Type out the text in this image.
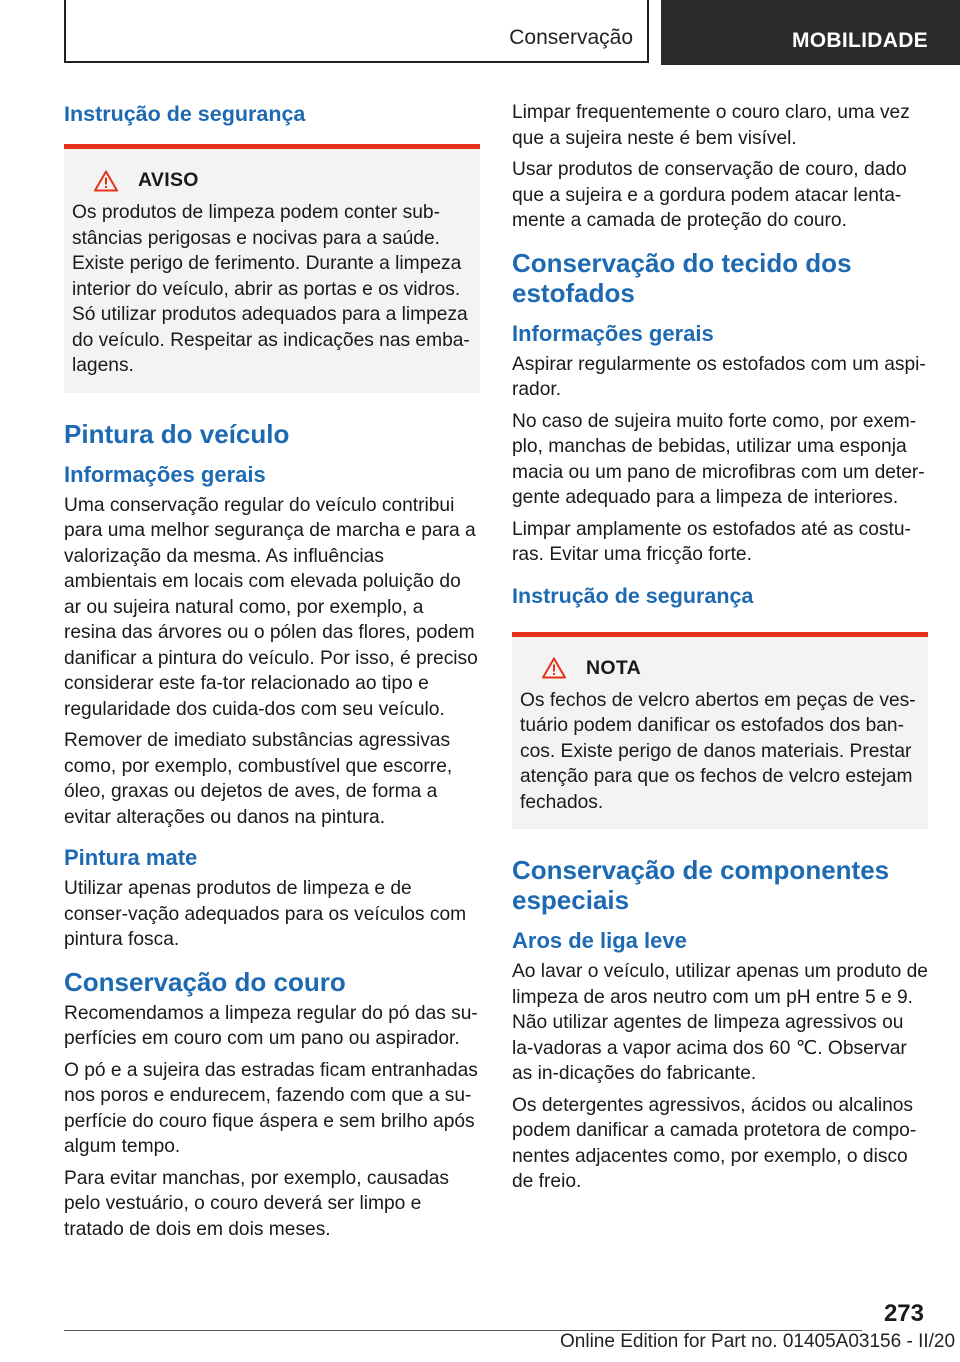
Conservação	MOBILIDADE
Instrução de segurança
AVISO

Os produtos de limpeza podem conter sub-stâncias perigosas e nocivas para a saúde. Existe perigo de ferimento. Durante a limpeza interior do veículo, abrir as portas e os vidros. Só utilizar produtos adequados para a limpeza do veículo. Respeitar as indicações nas emba-lagens.

Pintura do veículo
Informações gerais

Uma conservação regular do veículo contribui para uma melhor segurança de marcha e para a valorização da mesma. As influências ambientais em locais com elevada poluição do ar ou sujeira natural como, por exemplo, a resina das árvores ou o pólen das flores, podem danificar a pintura do veículo. Por isso, é preciso considerar este fa-tor relacionado ao tipo e regularidade dos cuida-dos com seu veículo.

Remover de imediato substâncias agressivas como, por exemplo, combustível que escorre, óleo, graxas ou dejetos de aves, de forma a evitar alterações ou danos na pintura.

Pintura mate

Utilizar apenas produtos de limpeza e de conser-vação adequados para os veículos com pintura fosca.

Conservação do couro

Recomendamos a limpeza regular do pó das su-perfícies em couro com um pano ou aspirador.

O pó e a sujeira das estradas ficam entranhadas nos poros e endurecem, fazendo com que a su-perfície do couro fique áspera e sem brilho após algum tempo.

Para evitar manchas, por exemplo, causadas pelo vestuário, o couro deverá ser limpo e tratado de dois em dois meses.

Limpar frequentemente o couro claro, uma vez que a sujeira neste é bem visível.

Usar produtos de conservação de couro, dado que a sujeira e a gordura podem atacar lenta-mente a camada de proteção do couro.

Conservação do tecido dos estofados
Informações gerais

Aspirar regularmente os estofados com um aspi-rador.

No caso de sujeira muito forte como, por exem-plo, manchas de bebidas, utilizar uma esponja macia ou um pano de microfibras com um deter-gente adequado para a limpeza de interiores.

Limpar amplamente os estofados até as costu-ras. Evitar uma fricção forte.

Instrução de segurança
NOTA

Os fechos de velcro abertos em peças de ves-tuário podem danificar os estofados dos ban-cos. Existe perigo de danos materiais. Prestar atenção para que os fechos de velcro estejam fechados.

Conservação de componentes especiais
Aros de liga leve

Ao lavar o veículo, utilizar apenas um produto de limpeza de aros neutro com um pH entre 5 e 9. Não utilizar agentes de limpeza agressivos ou la-vadoras a vapor acima dos 60 ℃. Observar as in-dicações do fabricante.

Os detergentes agressivos, ácidos ou alcalinos podem danificar a camada protetora de compo-nentes adjacentes como, por exemplo, o disco de freio.

273
Online Edition for Part no. 01405A03156 - II/20
